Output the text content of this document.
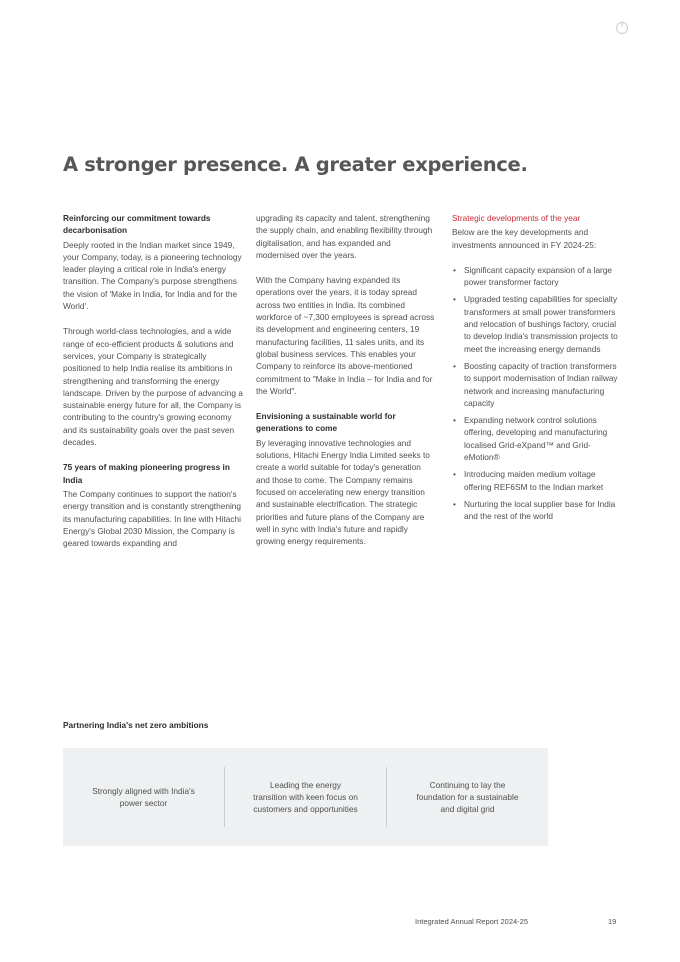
A stronger presence. A greater experience.
Reinforcing our commitment towards decarbonisation

Deeply rooted in the Indian market since 1949, your Company, today, is a pioneering technology leader playing a critical role in India's energy transition. The Company's purpose strengthens the vision of 'Make in India, for India and for the World'.

Through world-class technologies, and a wide range of eco-efficient products & solutions and services, your Company is strategically positioned to help India realise its ambitions in strengthening and transforming the energy landscape. Driven by the purpose of advancing a sustainable energy future for all, the Company is contributing to the country's growing economy and its sustainability goals over the past seven decades.

75 years of making pioneering progress in India

The Company continues to support the nation's energy transition and is constantly strengthening its manufacturing capabilities. In line with Hitachi Energy's Global 2030 Mission, the Company is geared towards expanding and

upgrading its capacity and talent, strengthening the supply chain, and enabling flexibility through digitalisation, and has expanded and modernised over the years.

With the Company having expanded its operations over the years, it is today spread across two entities in India. Its combined workforce of ~7,300 employees is spread across its development and engineering centers, 19 manufacturing facilities, 11 sales units, and its global business services. This enables your Company to reinforce its above-mentioned commitment to "Make in India – for India and for the World".

Envisioning a sustainable world for generations to come

By leveraging innovative technologies and solutions, Hitachi Energy India Limited seeks to create a world suitable for today's generation and those to come. The Company remains focused on accelerating new energy transition and sustainable electrification. The strategic priorities and future plans of the Company are well in sync with India's future and rapidly growing energy requirements.

Strategic developments of the year

Below are the key developments and investments announced in FY 2024-25:

• Significant capacity expansion of a large power transformer factory
• Upgraded testing capabilities for specialty transformers at small power transformers and relocation of bushings factory, crucial to develop India's transmission projects to meet the increasing energy demands
• Boosting capacity of traction transformers to support modernisation of Indian railway network and increasing manufacturing capacity
• Expanding network control solutions offering, developing and manufacturing localised Grid-eXpand™ and Grid-eMotion®
• Introducing maiden medium voltage offering REF6SM to the Indian market
• Nurturing the local supplier base for India and the rest of the world
Partnering India's net zero ambitions
Strongly aligned with India's power sector
Leading the energy transition with keen focus on customers and opportunities
Continuing to lay the foundation for a sustainable and digital grid
Integrated Annual Report 2024-25	19
